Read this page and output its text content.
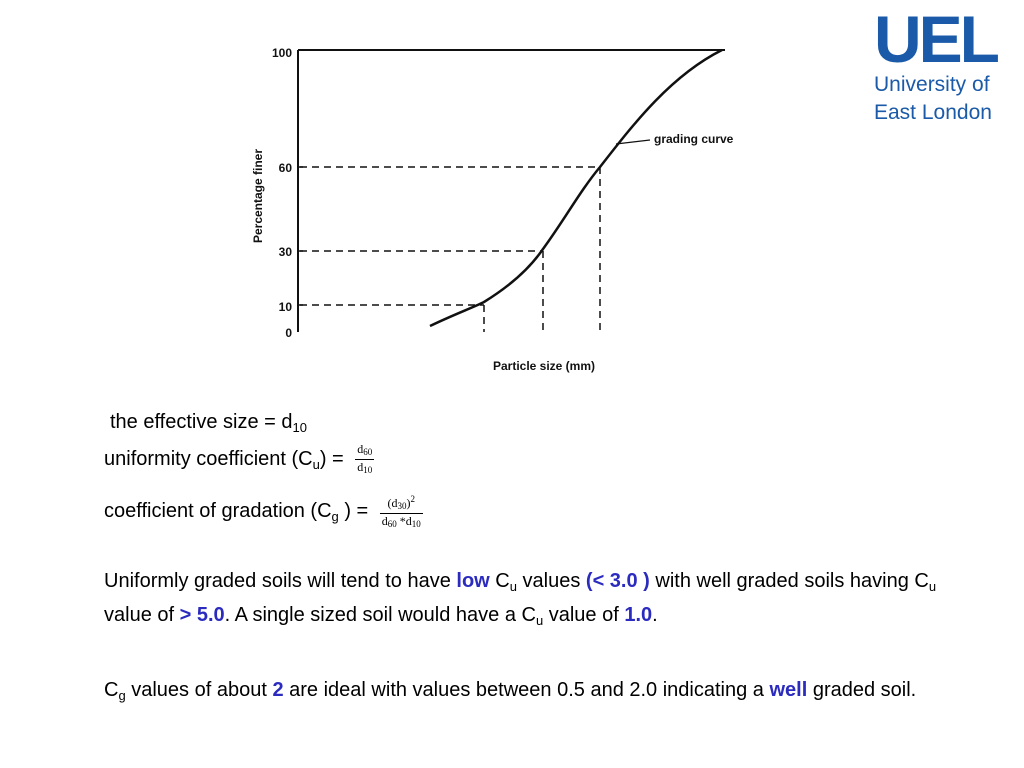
UEL
University of
East London
100
60
30
10
0
Percentage finer
grading curve
Particle size (mm)
the effective size = $d_{10}$
uniformity coefficient $(C_u) = \frac{d_{60}}{d_{10}}$
coefficient of gradation ($C_g$ ) = $\frac{(d_{30})^2}{d_{60} *d_{10}}$
Uniformly graded soils will tend to have low $C_u$ values (< 3.0 ) with well graded soils having $C_u$ value of > 5.0. A single sized soil would have a $C_u$ value of 1.0.
$C_g$ values of about 2 are ideal with values between 0.5 and 2.0 indicating a well graded soil.
